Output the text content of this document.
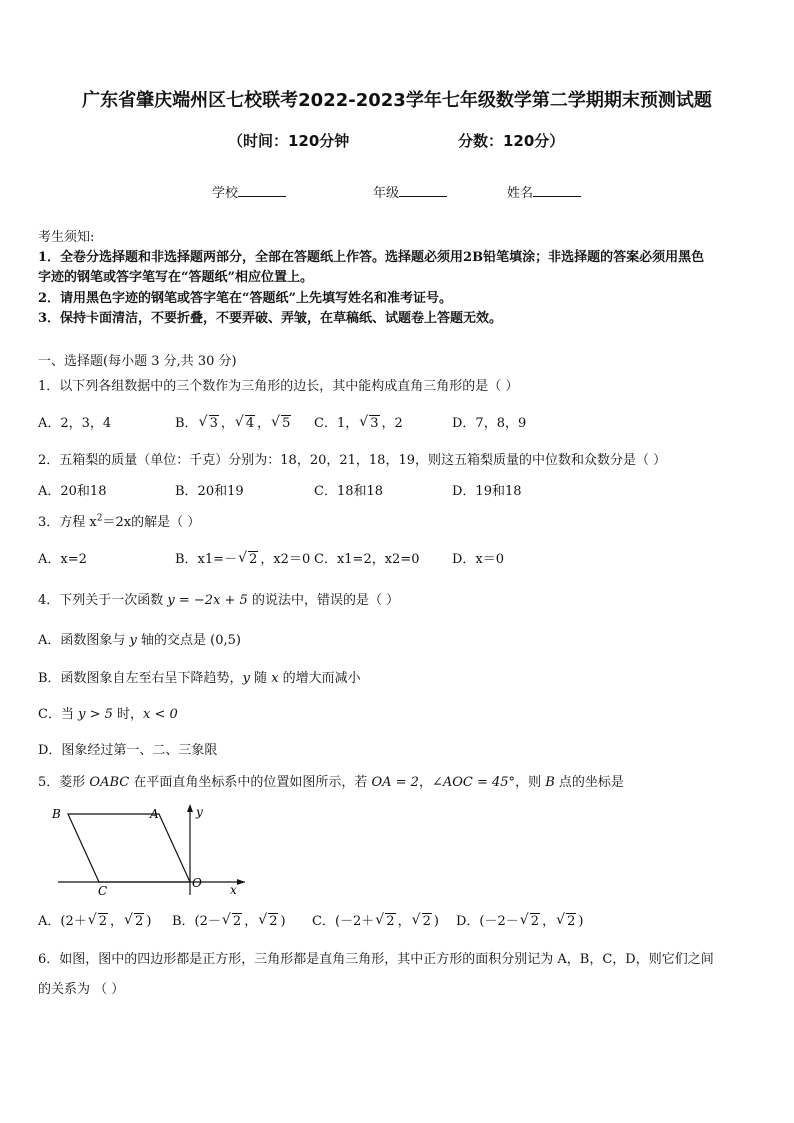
广东省肇庆端州区七校联考2022-2023学年七年级数学第二学期期末预测试题
（时间：120分钟	分数：120分）
学校	年级	姓名
考生须知:
1．全卷分选择题和非选择题两部分，全部在答题纸上作答。选择题必须用2B铅笔填涂；非选择题的答案必须用黑色
字迹的钢笔或答字笔写在“答题纸”相应位置上。
2．请用黑色字迹的钢笔或答字笔在“答题纸”上先填写姓名和准考证号。
3．保持卡面清洁，不要折叠，不要弄破、弄皱，在草稿纸、试题卷上答题无效。
一、选择题(每小题 3 分,共 30 分)
1．以下列各组数据中的三个数作为三角形的边长，其中能构成直角三角形的是（ ）
A．2，3，4	B． √ 3 ， √ 4 ， √ 5 C．1， √ 3 ，2	D．7，8，9
2．五箱梨的质量（单位：千克）分别为：18，20，21，18，19，则这五箱梨质量的中位数和众数分是（ ）
A．20和18	B．20和19	C．18和18	D．19和18
3．方程 $x^2=2x$的解是（ ）
A．x=2	B．x1=－ √ 2 ，x2＝0 C．x1=2，x2=0	D．x＝0
4．下列关于一次函数 y = −2x + 5 的说法中，错误的是（ ）
A．函数图象与 y 轴的交点是 (0,5)
B．函数图象自左至右呈下降趋势，y 随 x 的增大而减小
C．当 y > 5 时，x < 0
D．图象经过第一、二、三象限
5．菱形 OABC 在平面直角坐标系中的位置如图所示，若 OA = 2，∠AOC = 45°，则 B 点的坐标是
B	A
C
O x
y
A．(2＋ √ 2 ， √ 2 ) B．(2－ √ 2 ， √ 2 ) C．(－2＋ √ 2 ， √ 2 ) D．(－2－ √ 2 ， √ 2 )
6．如图，图中的四边形都是正方形，三角形都是直角三角形，其中正方形的面积分别记为 A，B，C，D，则它们之间
的关系为 （ ）
